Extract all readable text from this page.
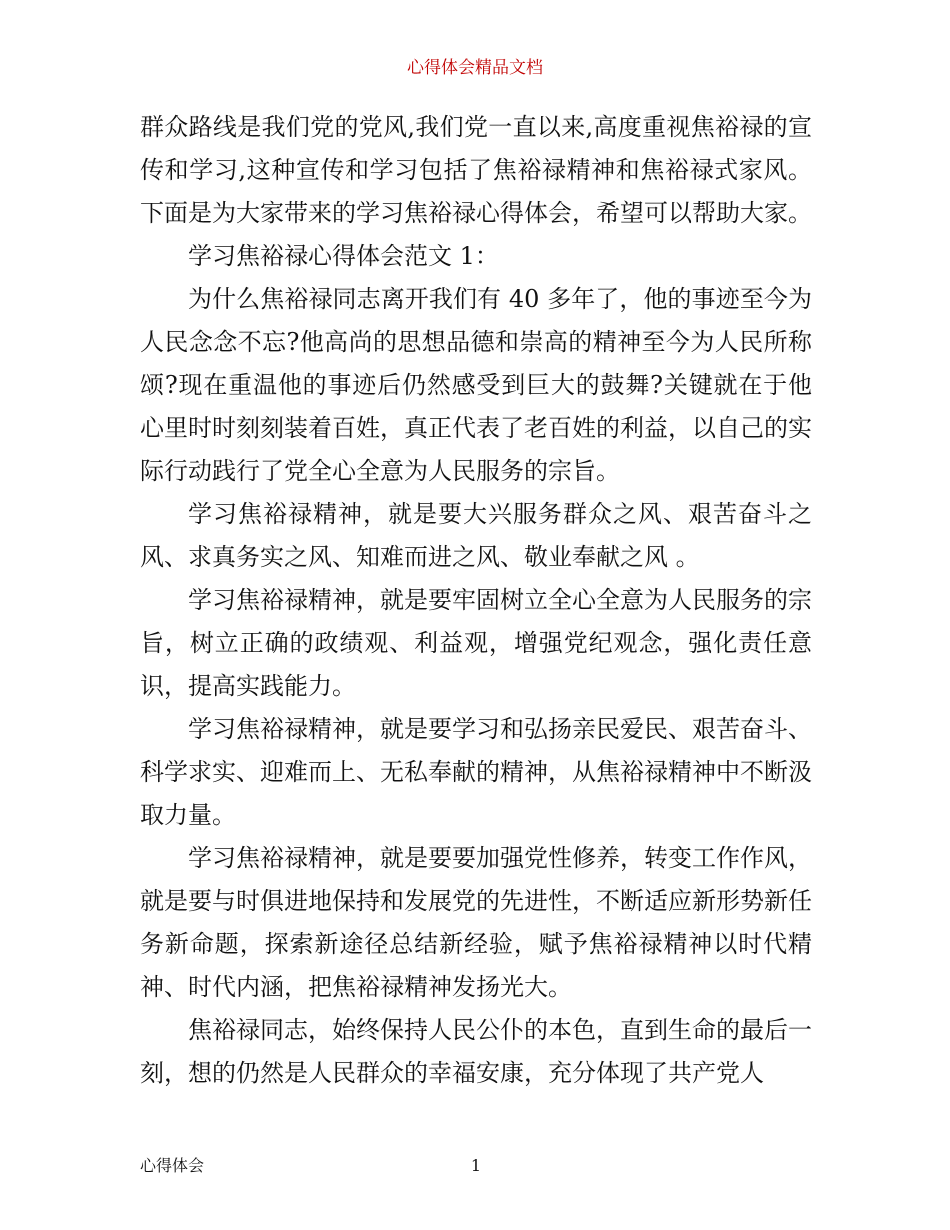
心得体会精品文档

群众路线是我们党的党风,我们党一直以来,高度重视焦裕禄的宣传和学习,这种宣传和学习包括了焦裕禄精神和焦裕禄式家风。下面是为大家带来的学习焦裕禄心得体会，希望可以帮助大家。

学习焦裕禄心得体会范文 1：

为什么焦裕禄同志离开我们有 40 多年了，他的事迹至今为人民念念不忘?他高尚的思想品德和崇高的精神至今为人民所称颂?现在重温他的事迹后仍然感受到巨大的鼓舞?关键就在于他心里时时刻刻装着百姓，真正代表了老百姓的利益，以自己的实际行动践行了党全心全意为人民服务的宗旨。

学习焦裕禄精神，就是要大兴服务群众之风、艰苦奋斗之风、求真务实之风、知难而进之风、敬业奉献之风 。

学习焦裕禄精神，就是要牢固树立全心全意为人民服务的宗旨，树立正确的政绩观、利益观，增强党纪观念，强化责任意识，提高实践能力。

学习焦裕禄精神，就是要学习和弘扬亲民爱民、艰苦奋斗、科学求实、迎难而上、无私奉献的精神，从焦裕禄精神中不断汲取力量。

学习焦裕禄精神，就是要要加强党性修养，转变工作作风，就是要与时俱进地保持和发展党的先进性，不断适应新形势新任务新命题，探索新途径总结新经验，赋予焦裕禄精神以时代精神、时代内涵，把焦裕禄精神发扬光大。

焦裕禄同志，始终保持人民公仆的本色，直到生命的最后一刻，想的仍然是人民群众的幸福安康，充分体现了共产党人

心得体会	1
